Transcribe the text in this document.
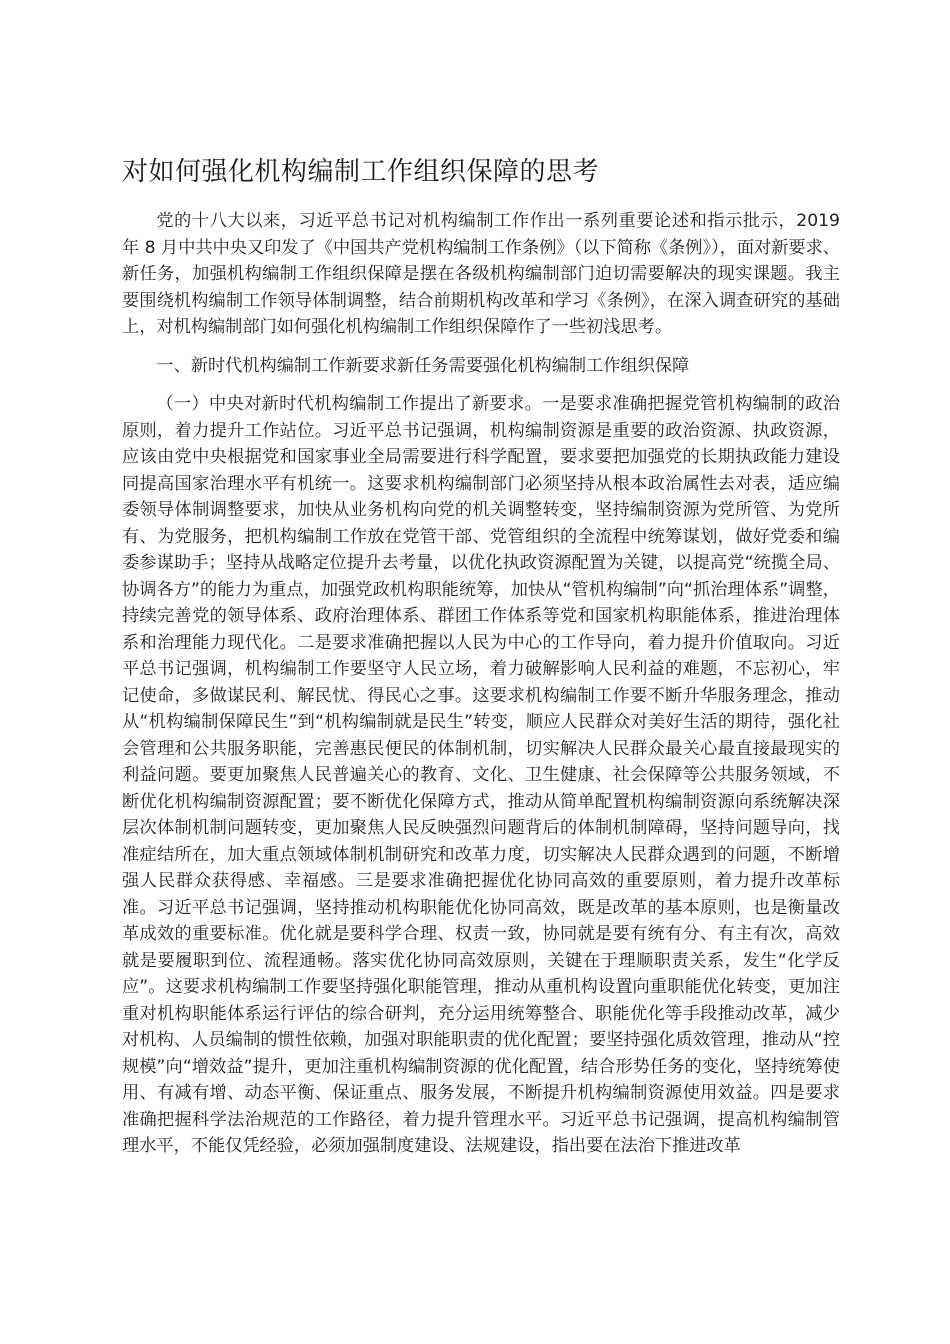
对如何强化机构编制工作组织保障的思考

党的十八大以来，习近平总书记对机构编制工作作出一系列重要论述和指示批示，2019 年 8 月中共中央又印发了《中国共产党机构编制工作条例》（以下简称《条例》），面对新要求、新任务，加强机构编制工作组织保障是摆在各级机构编制部门迫切需要解决的现实课题。我主要围绕机构编制工作领导体制调整，结合前期机构改革和学习《条例》，在深入调查研究的基础上，对机构编制部门如何强化机构编制工作组织保障作了一些初浅思考。

一、新时代机构编制工作新要求新任务需要强化机构编制工作组织保障

（一）中央对新时代机构编制工作提出了新要求。一是要求准确把握党管机构编制的政治原则，着力提升工作站位。习近平总书记强调，机构编制资源是重要的政治资源、执政资源，应该由党中央根据党和国家事业全局需要进行科学配置，要求要把加强党的长期执政能力建设同提高国家治理水平有机统一。这要求机构编制部门必须坚持从根本政治属性去对表，适应编委领导体制调整要求，加快从业务机构向党的机关调整转变，坚持编制资源为党所管、为党所有、为党服务，把机构编制工作放在党管干部、党管组织的全流程中统筹谋划，做好党委和编委参谋助手；坚持从战略定位提升去考量，以优化执政资源配置为关键，以提高党“统揽全局、协调各方”的能力为重点，加强党政机构职能统筹，加快从“管机构编制”向“抓治理体系”调整，持续完善党的领导体系、政府治理体系、群团工作体系等党和国家机构职能体系，推进治理体系和治理能力现代化。二是要求准确把握以人民为中心的工作导向，着力提升价值取向。习近平总书记强调，机构编制工作要坚守人民立场，着力破解影响人民利益的难题，不忘初心，牢记使命，多做谋民利、解民忧、得民心之事。这要求机构编制工作要不断升华服务理念，推动从“机构编制保障民生”到“机构编制就是民生”转变，顺应人民群众对美好生活的期待，强化社会管理和公共服务职能，完善惠民便民的体制机制，切实解决人民群众最关心最直接最现实的利益问题。要更加聚焦人民普遍关心的教育、文化、卫生健康、社会保障等公共服务领域，不断优化机构编制资源配置；要不断优化保障方式，推动从简单配置机构编制资源向系统解决深层次体制机制问题转变，更加聚焦人民反映强烈问题背后的体制机制障碍，坚持问题导向，找准症结所在，加大重点领域体制机制研究和改革力度，切实解决人民群众遇到的问题，不断增强人民群众获得感、幸福感。三是要求准确把握优化协同高效的重要原则，着力提升改革标准。习近平总书记强调，坚持推动机构职能优化协同高效，既是改革的基本原则，也是衡量改革成效的重要标准。优化就是要科学合理、权责一致，协同就是要有统有分、有主有次，高效就是要履职到位、流程通畅。落实优化协同高效原则，关键在于理顺职责关系，发生“化学反应”。这要求机构编制工作要坚持强化职能管理，推动从重机构设置向重职能优化转变，更加注重对机构职能体系运行评估的综合研判，充分运用统筹整合、职能优化等手段推动改革，减少对机构、人员编制的惯性依赖，加强对职能职责的优化配置；要坚持强化质效管理，推动从“控规模”向“增效益”提升，更加注重机构编制资源的优化配置，结合形势任务的变化，坚持统筹使用、有减有增、动态平衡、保证重点、服务发展，不断提升机构编制资源使用效益。四是要求准确把握科学法治规范的工作路径，着力提升管理水平。习近平总书记强调，提高机构编制管理水平，不能仅凭经验，必须加强制度建设、法规建设，指出要在法治下推进改革
